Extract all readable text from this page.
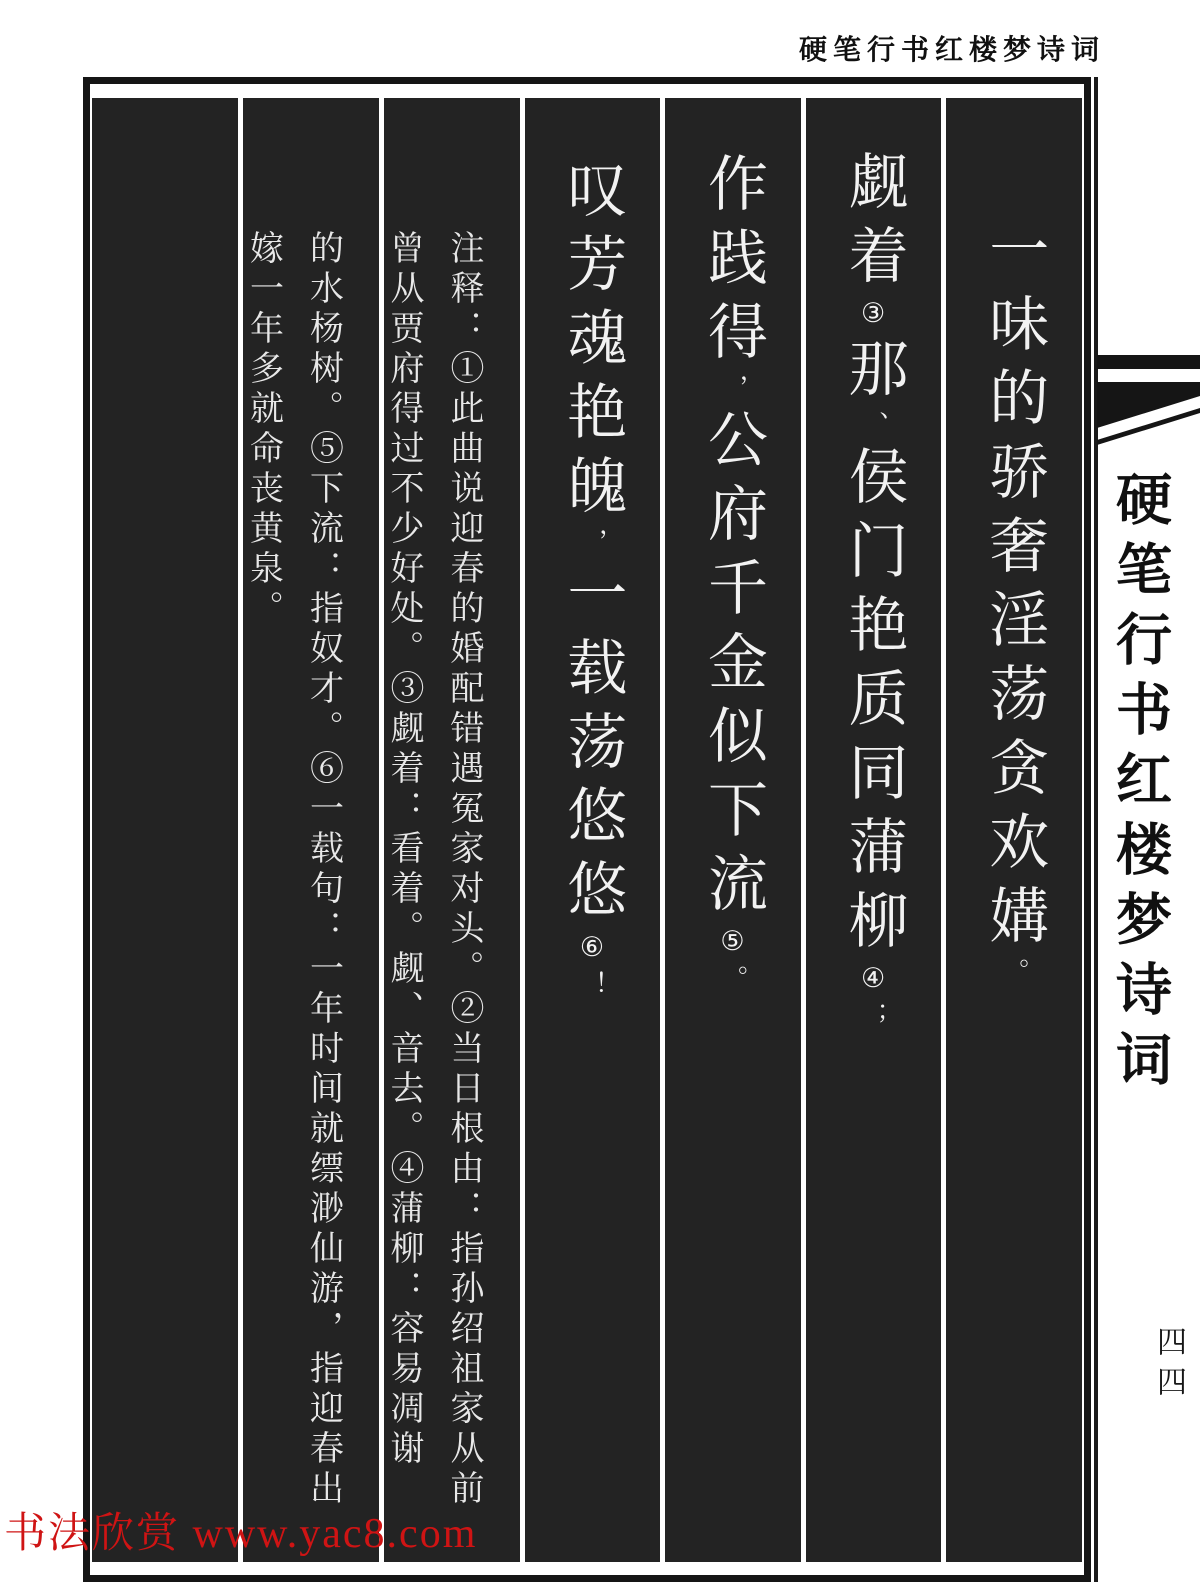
硬笔行书红楼梦诗词
一味的骄奢淫荡贪欢媾。
觑着③那、侯门艳质同蒲柳④；
作践得，公府千金似下流⑤。
叹芳魂艳魄，一载荡悠悠⑥！
注释：①此曲说迎春的婚配错遇冤家对头。②当日根由：指孙绍祖家从前
曾从贾府得过不少好处。③觑着：看着。觑、音去。④蒲柳：容易凋谢
的水杨树。⑤下流：指奴才。⑥一载句：一年时间就缥渺仙游，指迎春出
嫁一年多就命丧黄泉。
硬笔行书红楼梦诗词
四四
书法欣赏 www.yac8.com
